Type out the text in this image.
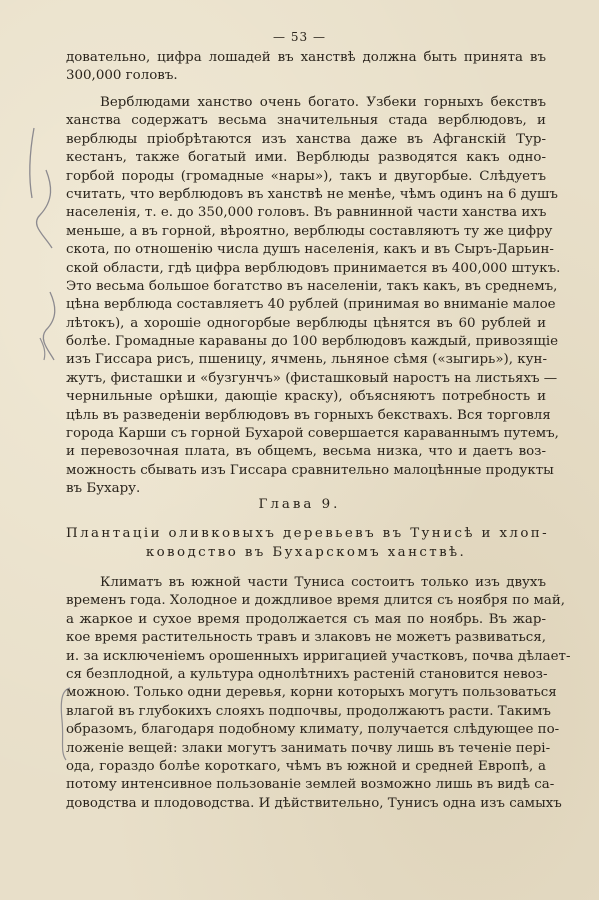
— 53 —
довательно, цифра лошадей въ ханствѣ должна быть принята въ
300,000 головъ.
Верблюдами ханство очень богато. Узбеки горныхъ бекствъ
ханства содержатъ весьма значительныя стада верблюдовъ, и
верблюды пріобрѣтаются изъ ханства даже въ Афганскій Тур-
кестанъ, также богатый ими. Верблюды разводятся какъ одно-
горбой породы (громадные «нары»), такъ и двугорбые. Слѣдуетъ
считать, что верблюдовъ въ ханствѣ не менѣе, чѣмъ одинъ на 6 душъ
населенія, т. е. до 350,000 головъ. Въ равнинной части ханства ихъ
меньше, а въ горной, вѣроятно, верблюды составляютъ ту же цифру
скота, по отношенію числа душъ населенія, какъ и въ Сыръ-Дарьин-
ской области, гдѣ цифра верблюдовъ принимается въ 400,000 штукъ.
Это весьма большое богатство въ населеніи, такъ какъ, въ среднемъ,
цѣна верблюда составляетъ 40 рублей (принимая во вниманіе малое
лѣтокъ), а хорошіе одногорбые верблюды цѣнятся въ 60 рублей и
болѣе. Громадные караваны до 100 верблюдовъ каждый, привозящіе
изъ Гиссара рисъ, пшеницу, ячмень, льняное сѣмя («зыгирь»), кун-
жутъ, фисташки и «бузгунчъ» (фисташковый наростъ на листьяхъ —
чернильные орѣшки, дающіе краску), объясняютъ потребность и
цѣль въ разведеніи верблюдовъ въ горныхъ бекствахъ. Вся торговля
города Карши съ горной Бухарой совершается караваннымъ путемъ,
и перевозочная плата, въ общемъ, весьма низка, что и даетъ воз-
можность сбывать изъ Гиссара сравнительно малоцѣнные продукты
въ Бухару.
Глава 9.
Плантаціи оливковыхъ деревьевъ въ Тунисѣ и хлоп-
ководство въ Бухарскомъ ханствѣ.
Климатъ въ южной части Туниса состоитъ только изъ двухъ
временъ года. Холодное и дождливое время длится съ ноября по май,
а жаркое и сухое время продолжается съ мая по ноябрь. Въ жар-
кое время растительность травъ и злаковъ не можетъ развиваться,
и. за исключеніемъ орошенныхъ ирригацией участковъ, почва дѣлает-
ся безплодной, а культура однолѣтнихъ растеній становится невоз-
можною. Только одни деревья, корни которыхъ могутъ пользоваться
влагой въ глубокихъ слояхъ подпочвы, продолжаютъ расти. Такимъ
образомъ, благодаря подобному климату, получается слѣдующее по-
ложеніе вещей: злаки могутъ занимать почву лишь въ теченіе пері-
ода, гораздо болѣе короткаго, чѣмъ въ южной и средней Европѣ, а
потому интенсивное пользованіе землей возможно лишь въ видѣ са-
доводства и плодоводства. И дѣйствительно, Тунисъ одна изъ самыхъ
